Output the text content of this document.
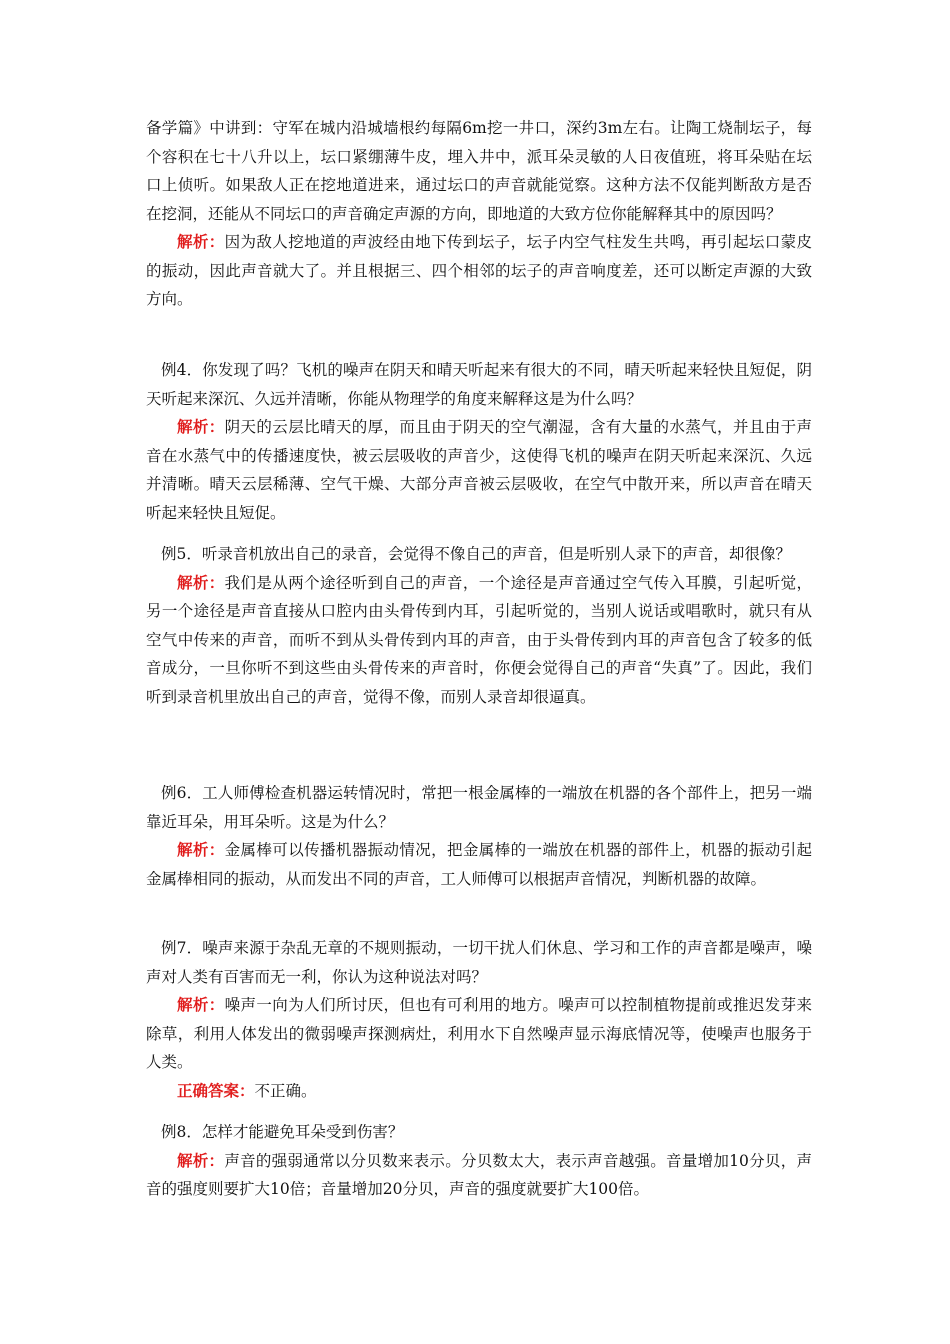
备学篇》中讲到：守军在城内沿城墙根约每隔6m挖一井口，深约3m左右。让陶工烧制坛子，每个容积在七十八升以上，坛口紧绷薄牛皮，埋入井中，派耳朵灵敏的人日夜值班，将耳朵贴在坛口上侦听。如果敌人正在挖地道进来，通过坛口的声音就能觉察。这种方法不仅能判断敌方是否在挖洞，还能从不同坛口的声音确定声源的方向，即地道的大致方位你能解释其中的原因吗？

解析：因为敌人挖地道的声波经由地下传到坛子，坛子内空气柱发生共鸣，再引起坛口蒙皮的振动，因此声音就大了。并且根据三、四个相邻的坛子的声音响度差，还可以断定声源的大致方向。

例4．你发现了吗？飞机的噪声在阴天和晴天听起来有很大的不同，晴天听起来轻快且短促，阴天听起来深沉、久远并清晰，你能从物理学的角度来解释这是为什么吗？

解析：阴天的云层比晴天的厚，而且由于阴天的空气潮湿，含有大量的水蒸气，并且由于声音在水蒸气中的传播速度快，被云层吸收的声音少，这使得飞机的噪声在阴天听起来深沉、久远并清晰。晴天云层稀薄、空气干燥、大部分声音被云层吸收，在空气中散开来，所以声音在晴天听起来轻快且短促。

例5．听录音机放出自己的录音，会觉得不像自己的声音，但是听别人录下的声音，却很像？

解析：我们是从两个途径听到自己的声音，一个途径是声音通过空气传入耳膜，引起听觉，另一个途径是声音直接从口腔内由头骨传到内耳，引起听觉的，当别人说话或唱歌时，就只有从空气中传来的声音，而听不到从头骨传到内耳的声音，由于头骨传到内耳的声音包含了较多的低音成分，一旦你听不到这些由头骨传来的声音时，你便会觉得自己的声音“失真”了。因此，我们听到录音机里放出自己的声音，觉得不像，而别人录音却很逼真。

例6．工人师傅检查机器运转情况时，常把一根金属棒的一端放在机器的各个部件上，把另一端靠近耳朵，用耳朵听。这是为什么？

解析：金属棒可以传播机器振动情况，把金属棒的一端放在机器的部件上，机器的振动引起金属棒相同的振动，从而发出不同的声音，工人师傅可以根据声音情况，判断机器的故障。

例7．噪声来源于杂乱无章的不规则振动，一切干扰人们休息、学习和工作的声音都是噪声，噪声对人类有百害而无一利，你认为这种说法对吗？

解析：噪声一向为人们所讨厌，但也有可利用的地方。噪声可以控制植物提前或推迟发芽来除草，利用人体发出的微弱噪声探测病灶，利用水下自然噪声显示海底情况等，使噪声也服务于人类。

正确答案：不正确。

例8．怎样才能避免耳朵受到伤害？

解析：声音的强弱通常以分贝数来表示。分贝数太大，表示声音越强。音量增加10分贝，声音的强度则要扩大10倍；音量增加20分贝，声音的强度就要扩大100倍。
